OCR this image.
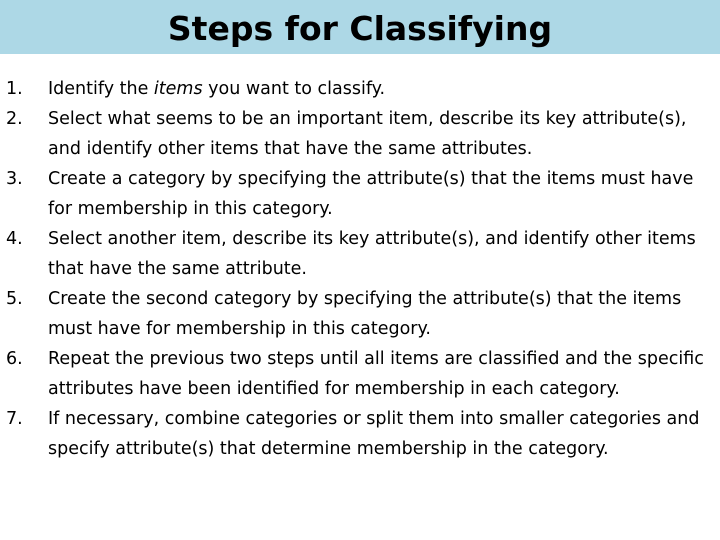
Steps for Classifying
1.	Identify the items you want to classify.
2.	Select what seems to be an important item, describe its key attribute(s), and identify other items that have the same attributes.
3.	Create a category by specifying the attribute(s) that the items must have for membership in this category.
4.	Select another item, describe its key attribute(s), and identify other items that have the same attribute.
5.	Create the second category by specifying the attribute(s) that the items must have for membership in this category.
6.	Repeat the previous two steps until all items are classified and the specific attributes have been identified for membership in each category.
7.	If necessary, combine categories or split them into smaller categories and specify attribute(s) that determine membership in the category.
